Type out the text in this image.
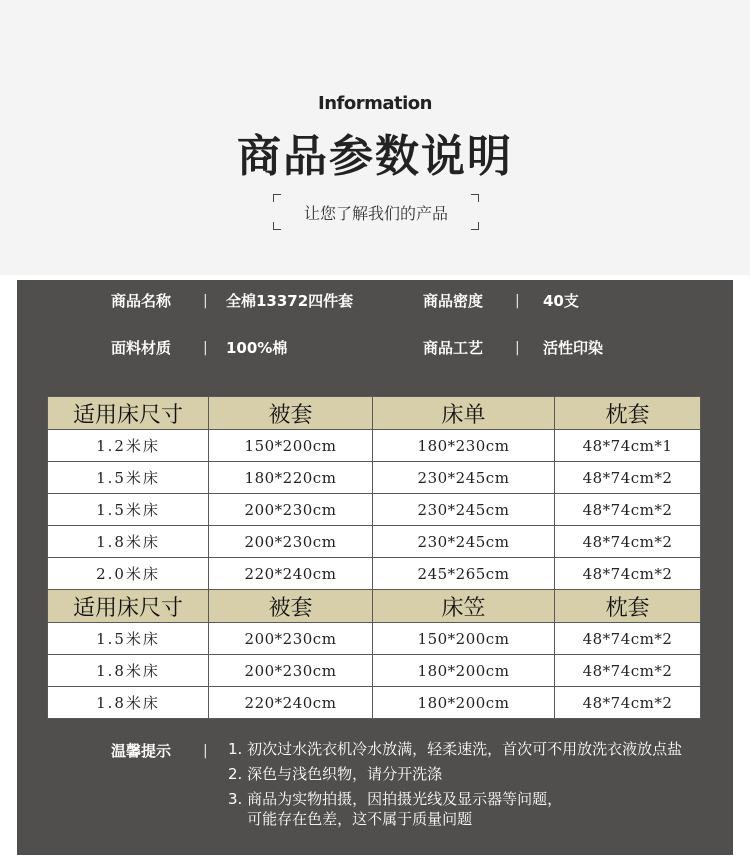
Information
商品参数说明
让您了解我们的产品
商品名称 | 全棉13372四件套	商品密度 | 40支
面料材质 | 100%棉	商品工艺 | 活性印染
适用床尺寸	被套	床单	枕套
1.2米床	150*200cm	180*230cm	48*74cm*1
1.5米床	180*220cm	230*245cm	48*74cm*2
1.5米床	200*230cm	230*245cm	48*74cm*2
1.8米床	200*230cm	230*245cm	48*74cm*2
2.0米床	220*240cm	245*265cm	48*74cm*2
适用床尺寸	被套	床笠	枕套
1.5米床	200*230cm	150*200cm	48*74cm*2
1.8米床	200*230cm	180*200cm	48*74cm*2
1.8米床	220*240cm	180*200cm	48*74cm*2
温馨提示 | 1. 初次过水洗衣机冷水放满，轻柔速洗，首次可不用放洗衣液放点盐
2. 深色与浅色织物，请分开洗涤
3. 商品为实物拍摄，因拍摄光线及显示器等问题，
可能存在色差，这不属于质量问题
